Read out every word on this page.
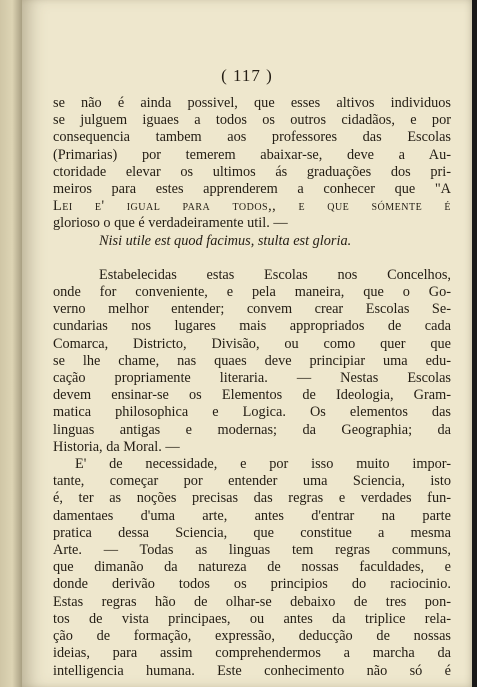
( 117 )
se não é ainda possivel, que esses altivos individuos
se julguem iguaes a todos os outros cidadãos, e por
consequencia tambem aos professores das Escolas
(Primarias) por temerem abaixar-se, deve a Au-
ctoridade elevar os ultimos ás graduações dos pri-
meiros para estes apprenderem a conhecer que "A
Lei e' igual para todos,, e que sómente é
glorioso o que é verdadeiramente util. —
Nisi utile est quod facimus, stulta est gloria.
Estabelecidas estas Escolas nos Concelhos,
onde for conveniente, e pela maneira, que o Go-
verno melhor entender; convem crear Escolas Se-
cundarias nos lugares mais appropriados de cada
Comarca, Districto, Divisão, ou como quer que
se lhe chame, nas quaes deve principiar uma edu-
cação propriamente literaria. — Nestas Escolas
devem ensinar-se os Elementos de Ideologia, Gram-
matica philosophica e Logica. Os elementos das
linguas antigas e modernas; da Geographia; da
Historia, da Moral. —
E' de necessidade, e por isso muito impor-
tante, começar por entender uma Sciencia, isto
é, ter as noções precisas das regras e verdades fun-
damentaes d'uma arte, antes d'entrar na parte
pratica dessa Sciencia, que constitue a mesma
Arte. — Todas as linguas tem regras communs,
que dimanão da natureza de nossas faculdades, e
donde derivão todos os principios do raciocinio.
Estas regras hão de olhar-se debaixo de tres pon-
tos de vista principaes, ou antes da triplice rela-
ção de formação, expressão, deducção de nossas
ideias, para assim comprehendermos a marcha da
intelligencia humana. Este conhecimento não só é
